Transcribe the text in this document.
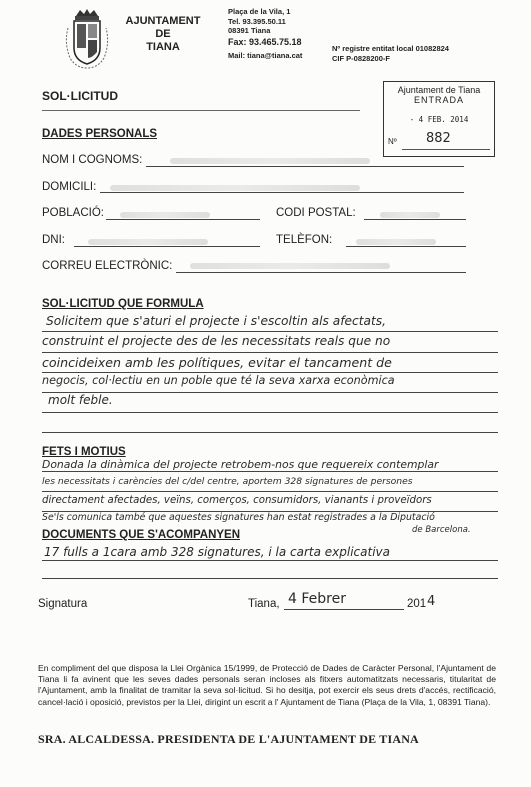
AJUNTAMENT
DE
TIANA
Plaça de la Vila, 1
Tel. 93.395.50.11
08391 Tiana
Fax: 93.465.75.18
Mail: tiana@tiana.cat
Nº registre entitat local 01082824
CIF P-0828200-F
Ajuntament de Tiana
ENTRADA
- 4 FEB. 2014
Nº 882
SOL·LICITUD
DADES PERSONALS
NOM I COGNOMS:
DOMICILI:
POBLACIÓ:	CODI POSTAL:
DNI:	TELÈFON:
CORREU ELECTRÒNIC:
SOL·LICITUD QUE FORMULA
Solicitem que s'aturi el projecte i s'escoltin als afectats,
construint el projecte des de les necessitats reals que no
coincideixen amb les polítiques, evitar el tancament de
negocis, col·lectiu en un poble que té la seva xarxa econòmica
molt feble.
FETS I MOTIUS
Donada la dinàmica del projecte retrobem-nos que requereix contemplar
les necessitats i carències del c/del centre, aportem 328 signatures de persones
directament afectades, veïns, comerços, consumidors, vianants i proveïdors
Se'ls comunica també que aquestes signatures han estat registrades a la Diputació
de Barcelona.
DOCUMENTS QUE S'ACOMPANYEN
17 fulls a 1cara amb 328 signatures, i la carta explicativa
Signatura	Tiana, 4 Febrer	201 4
En compliment del que disposa la Llei Orgànica 15/1999, de Protecció de Dades de Caràcter Personal, l'Ajuntament de Tiana li fa avinent que les seves dades personals seran incloses als fitxers automatitzats necessaris, titularitat de l'Ajuntament, amb la finalitat de tramitar la seva sol·licitud. Si ho desitja, pot exercir els seus drets d'accés, rectificació, cancel·lació i oposició, previstos per la Llei, dirigint un escrit a l' Ajuntament de Tiana (Plaça de la Vila, 1, 08391 Tiana).
SRA. ALCALDESSA. PRESIDENTA DE L'AJUNTAMENT DE TIANA
